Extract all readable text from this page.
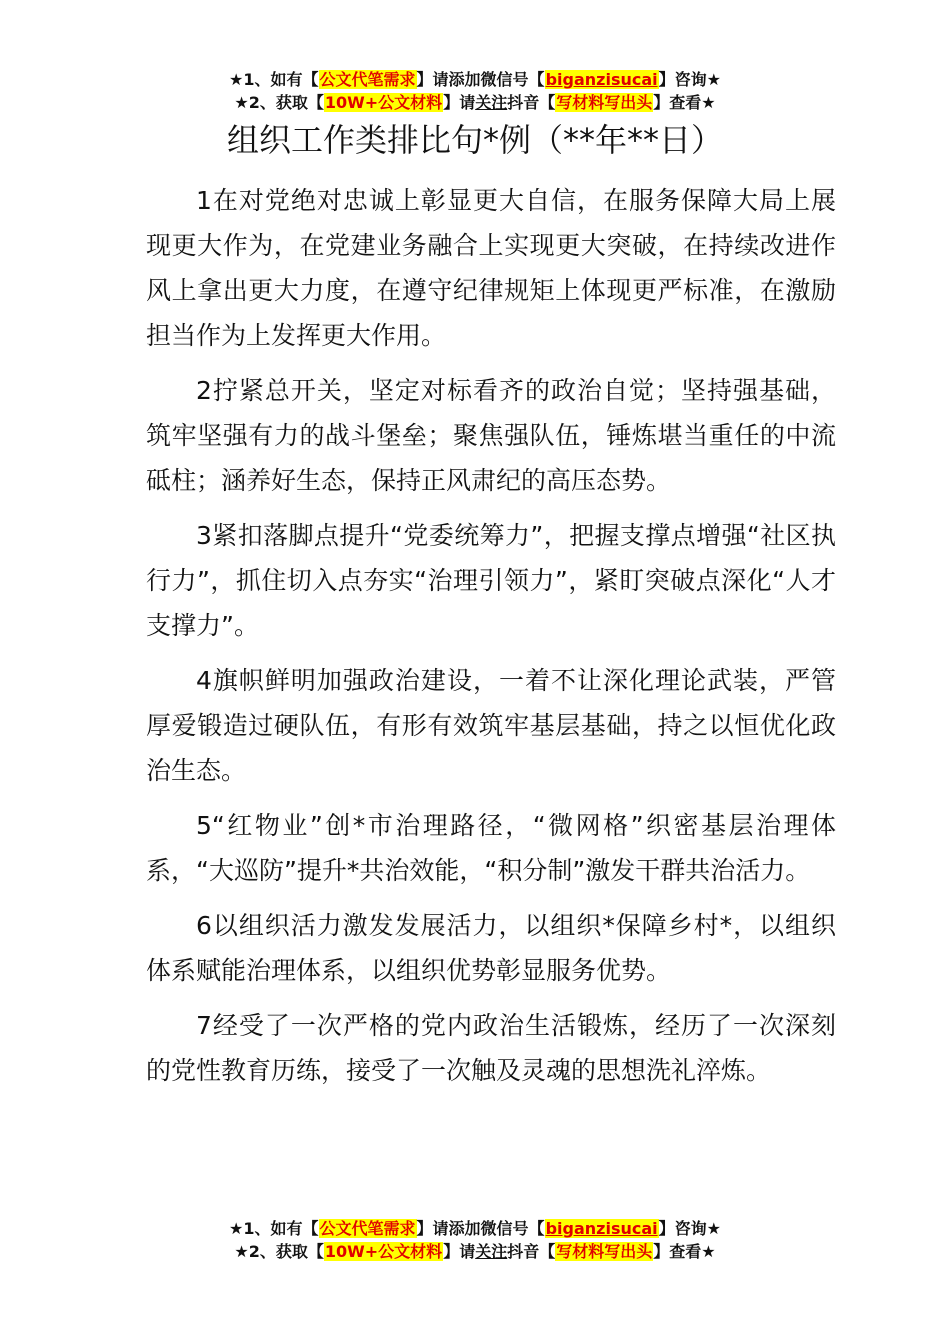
★1、如有【公文代笔需求】请添加微信号【biganzisucai】咨询★
★2、获取【10W+公文材料】请关注抖音【写材料写出头】查看★
组织工作类排比句*例（**年**日）

1在对党绝对忠诚上彰显更大自信，在服务保障大局上展现更大作为，在党建业务融合上实现更大突破，在持续改进作风上拿出更大力度，在遵守纪律规矩上体现更严标准，在激励担当作为上发挥更大作用。

2拧紧总开关，坚定对标看齐的政治自觉；坚持强基础，筑牢坚强有力的战斗堡垒；聚焦强队伍，锤炼堪当重任的中流砥柱；涵养好生态，保持正风肃纪的高压态势。

3紧扣落脚点提升“党委统筹力”，把握支撑点增强“社区执行力”，抓住切入点夯实“治理引领力”，紧盯突破点深化“人才支撑力”。

4旗帜鲜明加强政治建设，一着不让深化理论武装，严管厚爱锻造过硬队伍，有形有效筑牢基层基础，持之以恒优化政治生态。

5“红物业”创*市治理路径，“微网格”织密基层治理体系，“大巡防”提升*共治效能，“积分制”激发干群共治活力。

6以组织活力激发发展活力，以组织*保障乡村*，以组织体系赋能治理体系，以组织优势彰显服务优势。

7经受了一次严格的党内政治生活锻炼，经历了一次深刻的党性教育历练，接受了一次触及灵魂的思想洗礼淬炼。

★1、如有【公文代笔需求】请添加微信号【biganzisucai】咨询★
★2、获取【10W+公文材料】请关注抖音【写材料写出头】查看★
